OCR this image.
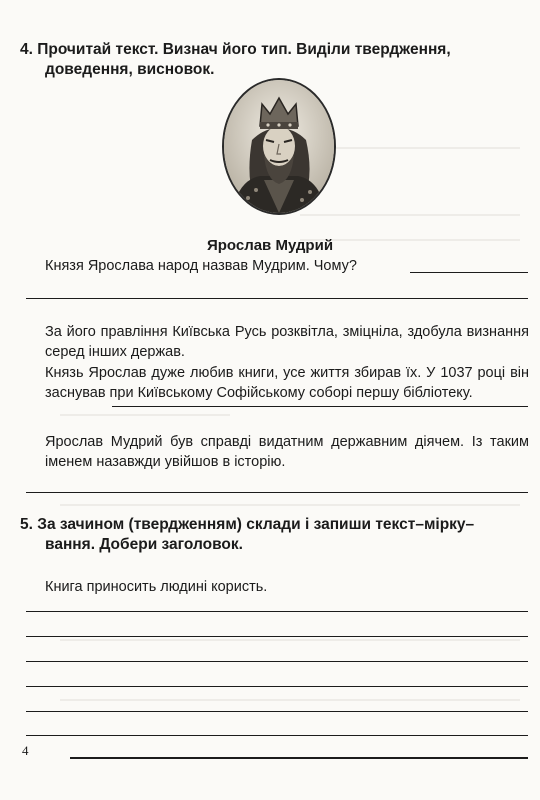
4. Прочитай текст. Визнач його тип. Виділи твердження,
доведення, висновок.

Ярослав Мудрий

Князя Ярослава народ назвав Мудрим. Чому?

За його правління Київська Русь розквітла, зміцніла, здобула визнання серед інших держав.

Князь Ярослав дуже любив книги, усе життя збирав їх. У 1037 році він заснував при Київському Софійському соборі першу бібліотеку.

Ярослав Мудрий був справді видатним державним діячем. Із таким іменем назавжди увійшов в історію.

5. За зачином (твердженням) склади і запиши текст–мірку–
вання. Добери заголовок.

Книга приносить людині користь.

4
